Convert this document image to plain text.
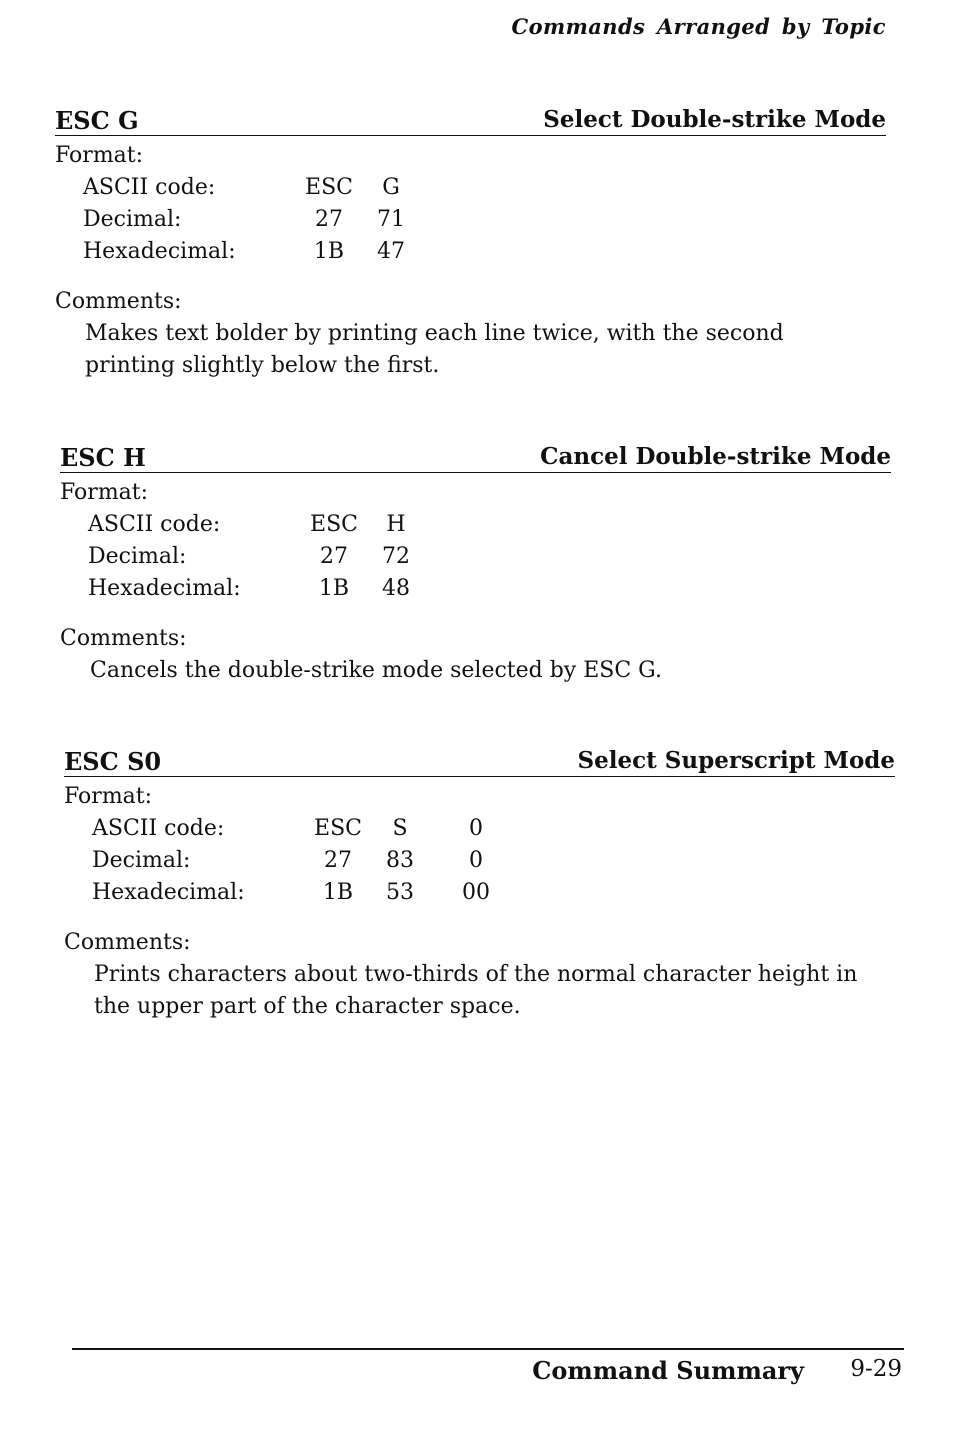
Commands Arranged by Topic
ESC G	Select Double-strike Mode

Format:

ASCII code:	ESC	G
Decimal:	27	71
Hexadecimal:	1B	47

Comments:

Makes text bolder by printing each line twice, with the second printing slightly below the first.
ESC H	Cancel Double-strike Mode

Format:

ASCII code:	ESC	H
Decimal:	27	72
Hexadecimal:	1B	48

Comments:

Cancels the double-strike mode selected by ESC G.
ESC S0	Select Superscript Mode

Format:

ASCII code:	ESC	S	0
Decimal:	27	83	0
Hexadecimal:	1B	53	00

Comments:

Prints characters about two-thirds of the normal character height in the upper part of the character space.
Command Summary 9-29
